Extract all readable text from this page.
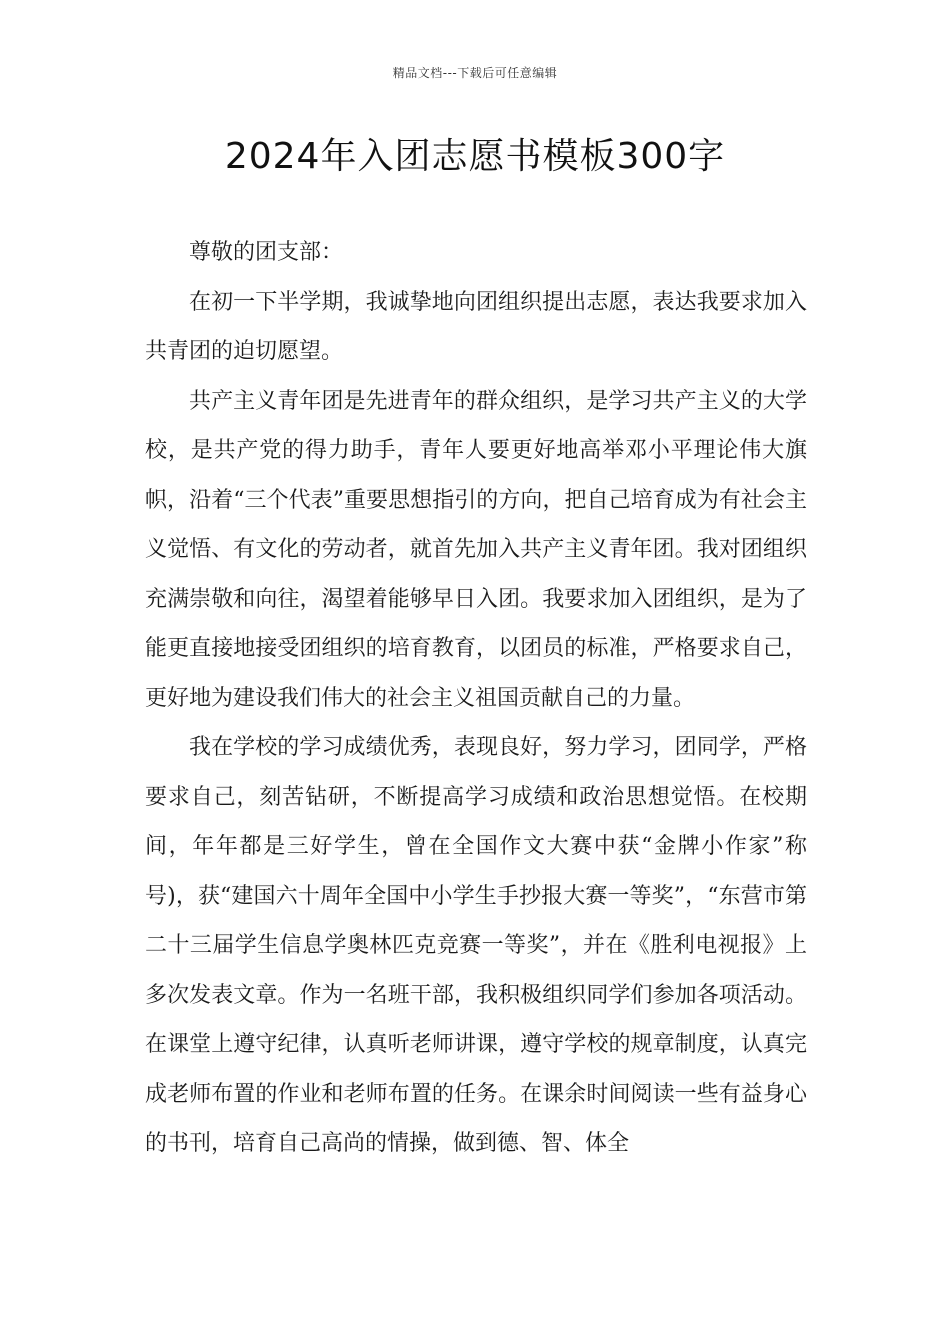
精品文档---下载后可任意编辑
2024年入团志愿书模板300字

尊敬的团支部：

在初一下半学期，我诚挚地向团组织提出志愿，表达我要求加入共青团的迫切愿望。

共产主义青年团是先进青年的群众组织，是学习共产主义的大学校，是共产党的得力助手，青年人要更好地高举邓小平理论伟大旗帜，沿着“三个代表”重要思想指引的方向，把自己培育成为有社会主义觉悟、有文化的劳动者，就首先加入共产主义青年团。我对团组织充满崇敬和向往，渴望着能够早日入团。我要求加入团组织，是为了能更直接地接受团组织的培育教育，以团员的标准，严格要求自己，更好地为建设我们伟大的社会主义祖国贡献自己的力量。

我在学校的学习成绩优秀，表现良好，努力学习，团同学，严格要求自己，刻苦钻研，不断提高学习成绩和政治思想觉悟。在校期间，年年都是三好学生，曾在全国作文大赛中获“金牌小作家”称号)，获“建国六十周年全国中小学生手抄报大赛一等奖”，“东营市第二十三届学生信息学奥林匹克竞赛一等奖”，并在《胜利电视报》上多次发表文章。作为一名班干部，我积极组织同学们参加各项活动。在课堂上遵守纪律，认真听老师讲课，遵守学校的规章制度，认真完成老师布置的作业和老师布置的任务。在课余时间阅读一些有益身心的书刊，培育自己高尚的情操，做到德、智、体全
